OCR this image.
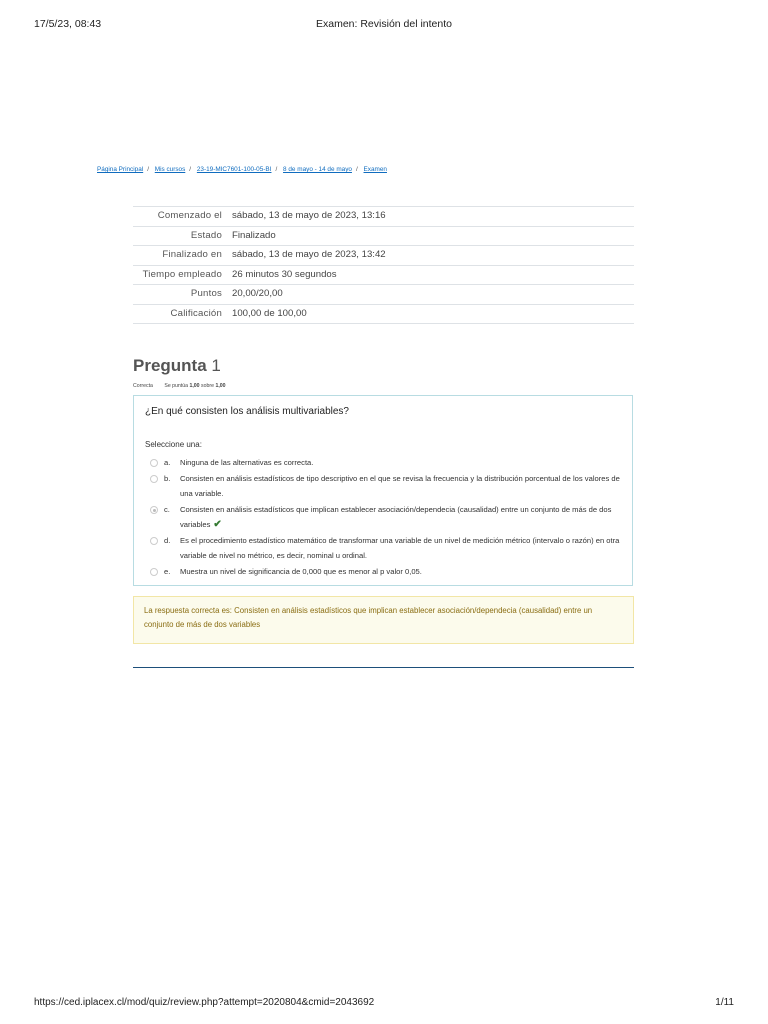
17/5/23, 08:43	Examen: Revisión del intento
Página Principal / Mis cursos / 23-19-MIC7601-100-05-BI / 8 de mayo - 14 de mayo / Examen
Comenzado el	sábado, 13 de mayo de 2023, 13:16
Estado	Finalizado
Finalizado en	sábado, 13 de mayo de 2023, 13:42
Tiempo empleado	26 minutos 30 segundos
Puntos	20,00/20,00
Calificación	100,00 de 100,00
Pregunta 1
Correcta Se puntúa 1,00 sobre 1,00
¿En qué consisten los análisis multivariables?
Seleccione una:
a. Ninguna de las alternativas es correcta.
b. Consisten en análisis estadísticos de tipo descriptivo en el que se revisa la frecuencia y la distribución porcentual de los valores de una variable.
c. Consisten en análisis estadísticos que implican establecer asociación/dependecia (causalidad) entre un conjunto de más de dos variables ✔
d. Es el procedimiento estadístico matemático de transformar una variable de un nivel de medición métrico (intervalo o razón) en otra variable de nivel no métrico, es decir, nominal u ordinal.
e. Muestra un nivel de significancia de 0,000 que es menor al p valor 0,05.
La respuesta correcta es: Consisten en análisis estadísticos que implican establecer asociación/dependecia (causalidad) entre un conjunto de más de dos variables
https://ced.iplacex.cl/mod/quiz/review.php?attempt=2020804&cmid=2043692	1/11
